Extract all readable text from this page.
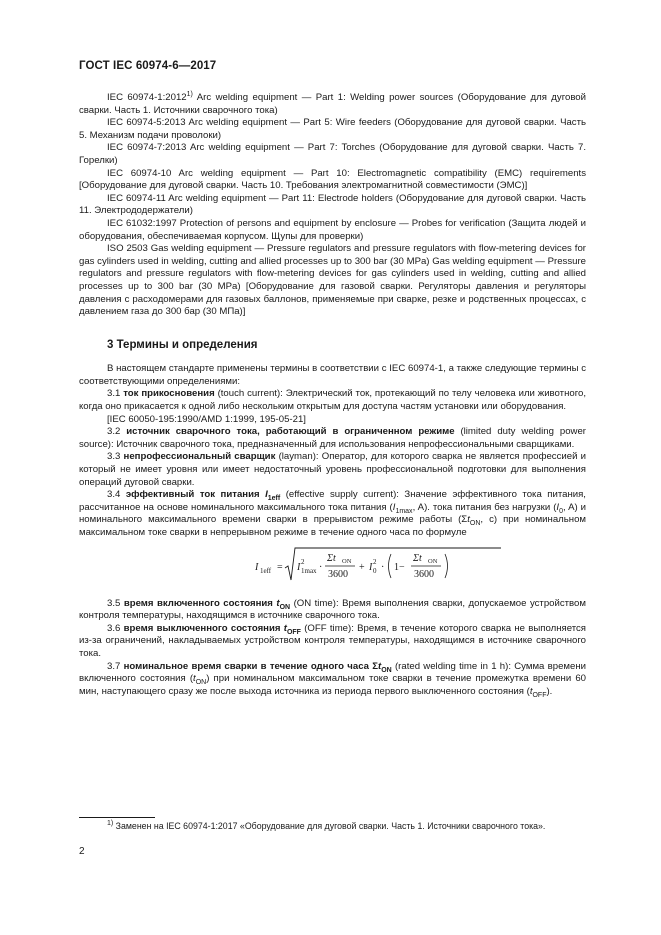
ГОСТ IEC 60974-6—2017

IEC 60974-1:2012$^{1)}$ Arc welding equipment — Part 1: Welding power sources (Оборудование для дуговой сварки. Часть 1. Источники сварочного тока)

IEC 60974-5:2013 Arc welding equipment — Part 5: Wire feeders (Оборудование для дуговой сварки. Часть 5. Механизм подачи проволоки)

IEC 60974-7:2013 Arc welding equipment — Part 7: Torches (Оборудование для дуговой сварки. Часть 7. Горелки)

IEC 60974-10 Arc welding equipment — Part 10: Electromagnetic compatibility (EMC) requirements [Оборудование для дуговой сварки. Часть 10. Требования электромагнитной совместимости (ЭМС)]

IEC 60974-11 Arc welding equipment — Part 11: Electrode holders (Оборудование для дуговой сварки. Часть 11. Электрододержатели)

IEC 61032:1997 Protection of persons and equipment by enclosure — Probes for verification (Защита людей и оборудования, обеспечиваемая корпусом. Щупы для проверки)

ISO 2503 Gas welding equipment — Pressure regulators and pressure regulators with flow-metering devices for gas cylinders used in welding, cutting and allied processes up to 300 bar (30 MPa) Gas welding equipment — Pressure regulators and pressure regulators with flow-metering devices for gas cylinders used in welding, cutting and allied processes up to 300 bar (30 MPa) [Оборудование для газовой сварки. Регуляторы давления и регуляторы давления с расходомерами для газовых баллонов, применяемые при сварке, резке и родственных процессах, с давлением газа до 300 бар (30 МПа)]

3 Термины и определения

В настоящем стандарте применены термины в соответствии с IEC 60974-1, а также следующие термины с соответствующими определениями:

3.1 ток прикосновения (touch current): Электрический ток, протекающий по телу человека или животного, когда оно прикасается к одной либо нескольким открытым для доступа частям установки или оборудования.

[IEC 60050-195:1990/AMD 1:1999, 195-05-21]

3.2 источник сварочного тока, работающий в ограниченном режиме (limited duty welding power source): Источник сварочного тока, предназначенный для использования непрофессиональными сварщиками.

3.3 непрофессиональный сварщик (layman): Оператор, для которого сварка не является профессией и который не имеет уровня или имеет недостаточный уровень профессиональной подготовки для выполнения операций дуговой сварки.

3.4 эффективный ток питания $I_{1eff}$ (effective supply current): Значение эффективного тока питания, рассчитанное на основе номинального максимального тока питания ($I_{1max}$, A). тока питания без нагрузки ($I_0$, A) и номинального максимального времени сварки в прерывистом режиме работы ($\Sigma t_{ON}$, c) при номинальном максимальном токе сварки в непрерывном режиме в течение одного часа по формуле

I 1eff = I 2
1max ·
Σt ON
3600
+ I 2
0 · 1−
Σt ON
3600

3.5 время включенного состояния $t_{ON}$ (ON time): Время выполнения сварки, допускаемое устройством контроля температуры, находящимся в источнике сварочного тока.

3.6 время выключенного состояния $t_{OFF}$ (OFF time): Время, в течение которого сварка не выполняется из-за ограничений, накладываемых устройством контроля температуры, находящимся в источнике сварочного тока.

3.7 номинальное время сварки в течение одного часа $\Sigma t_{ON}$ (rated welding time in 1 h): Сумма времени включенного состояния $(t_{ON})$ при номинальном максимальном токе сварки в течение промежутка времени 60 мин, наступающего сразу же после выхода источника из периода первого выключенного состояния $(t_{OFF})$.

$^{1)}$ Заменен на IEC 60974-1:2017 «Оборудование для дуговой сварки. Часть 1. Источники сварочного тока».
2
